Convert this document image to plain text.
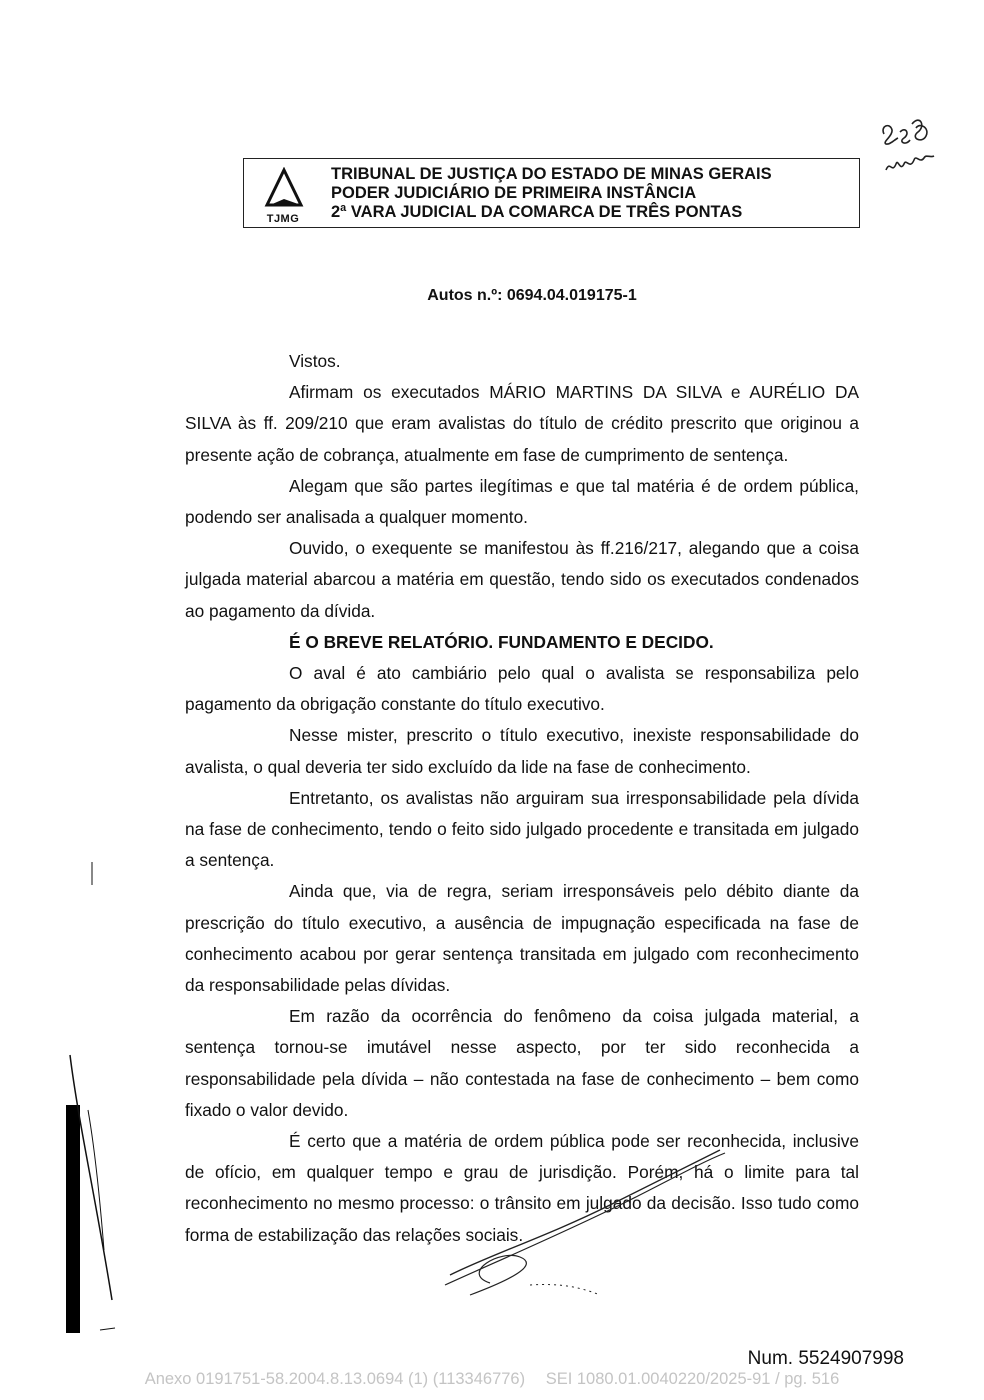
TJMG
TRIBUNAL DE JUSTIÇA DO ESTADO DE MINAS GERAIS
PODER JUDICIÁRIO DE PRIMEIRA INSTÂNCIA
2ª VARA JUDICIAL DA COMARCA DE TRÊS PONTAS
Autos n.º: 0694.04.019175-1

Vistos.

Afirmam os executados MÁRIO MARTINS DA SILVA e AURÉLIO DA SILVA às ff. 209/210 que eram avalistas do título de crédito prescrito que originou a presente ação de cobrança, atualmente em fase de cumprimento de sentença.

Alegam que são partes ilegítimas e que tal matéria é de ordem pública, podendo ser analisada a qualquer momento.

Ouvido, o exequente se manifestou às ff.216/217, alegando que a coisa julgada material abarcou a matéria em questão, tendo sido os executados condenados ao pagamento da dívida.

É O BREVE RELATÓRIO. FUNDAMENTO E DECIDO.

O aval é ato cambiário pelo qual o avalista se responsabiliza pelo pagamento da obrigação constante do título executivo.

Nesse mister, prescrito o título executivo, inexiste responsabilidade do avalista, o qual deveria ter sido excluído da lide na fase de conhecimento.

Entretanto, os avalistas não arguiram sua irresponsabilidade pela dívida na fase de conhecimento, tendo o feito sido julgado procedente e transitada em julgado a sentença.

Ainda que, via de regra, seriam irresponsáveis pelo débito diante da prescrição do título executivo, a ausência de impugnação especificada na fase de conhecimento acabou por gerar sentença transitada em julgado com reconhecimento da responsabilidade pelas dívidas.

Em razão da ocorrência do fenômeno da coisa julgada material, a sentença tornou-se imutável nesse aspecto, por ter sido reconhecida a responsabilidade pela dívida – não contestada na fase de conhecimento – bem como fixado o valor devido.

É certo que a matéria de ordem pública pode ser reconhecida, inclusive de ofício, em qualquer tempo e grau de jurisdição. Porém, há o limite para tal reconhecimento no mesmo processo: o trânsito em julgado da decisão. Isso tudo como forma de estabilização das relações sociais.

Num. 5524907998
Anexo 0191751-58.2004.8.13.0694 (1) (113346776) SEI 1080.01.0040220/2025-91 / pg. 516
